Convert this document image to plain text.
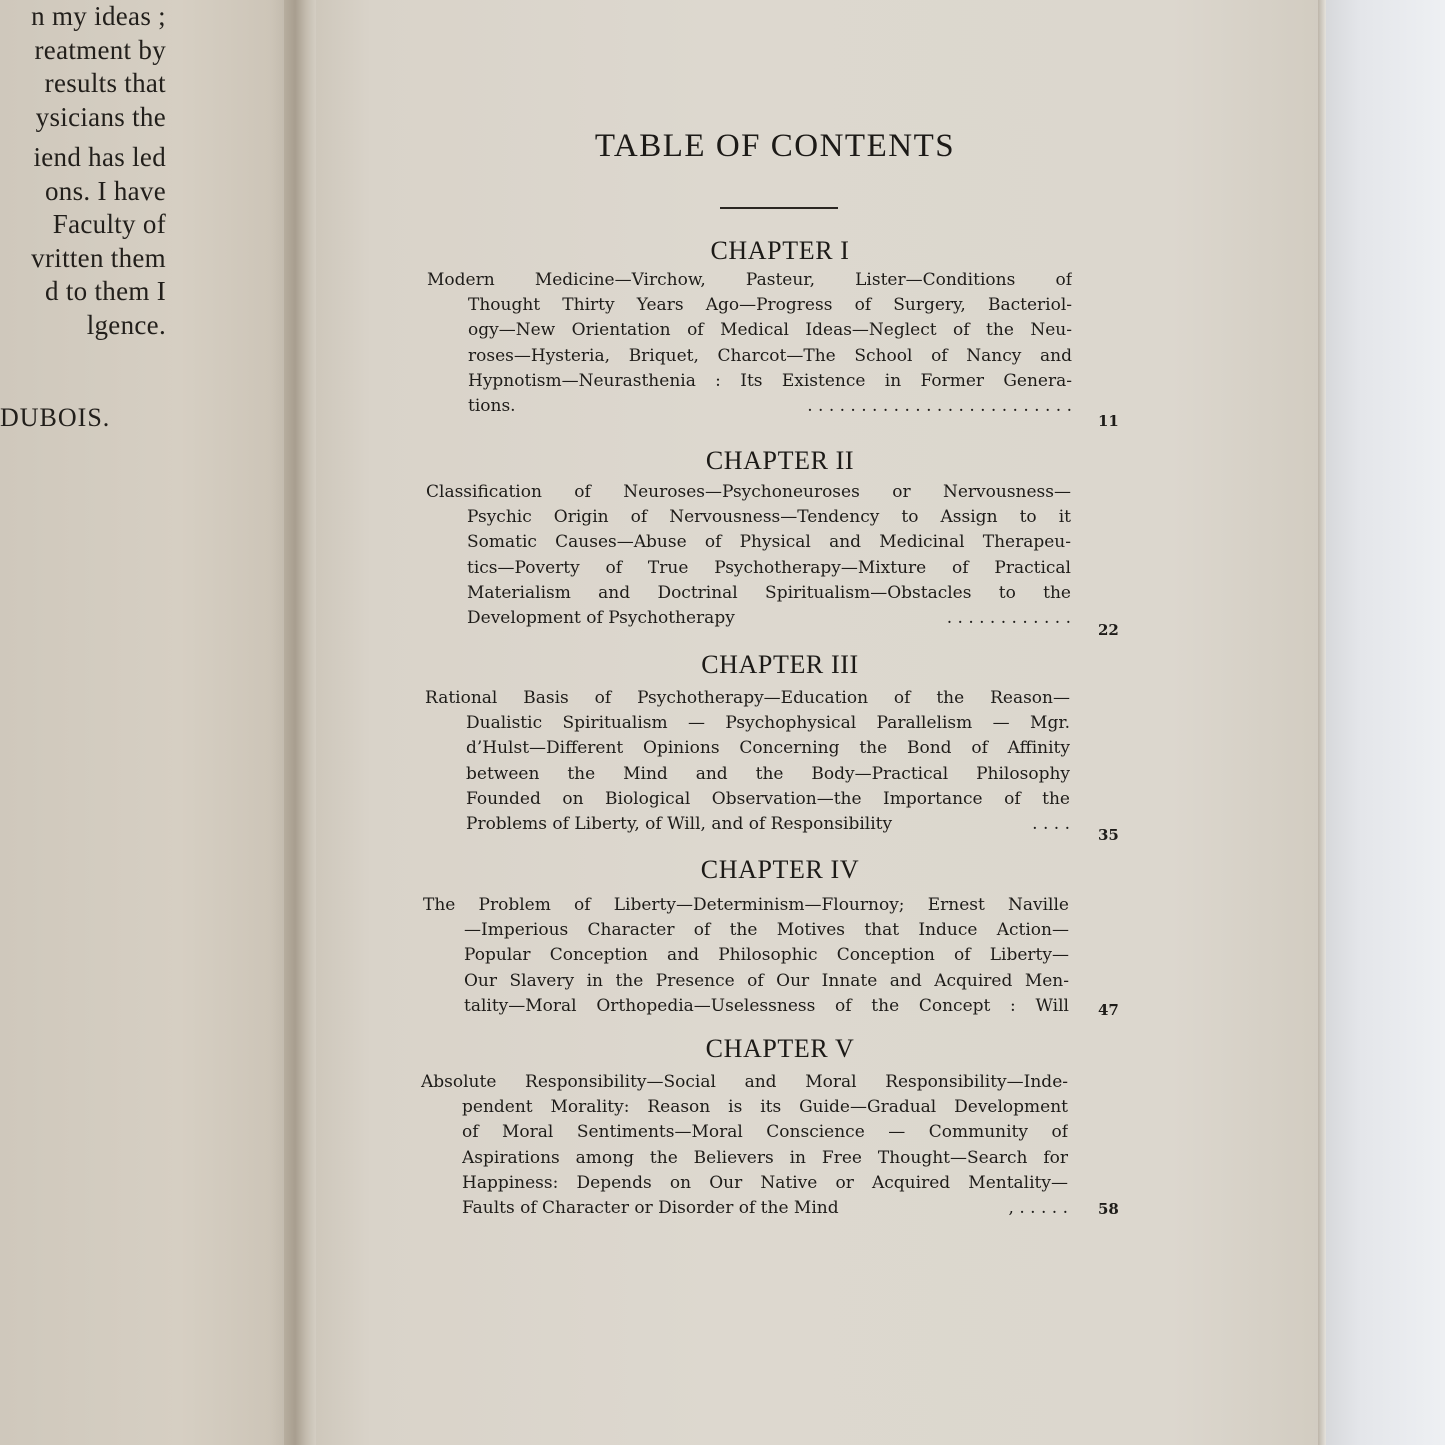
n my ideas ;
reatment by
results that
ysicians the
iend has led
ons. I have
Faculty of
vritten them
d to them I
lgence.
DUBOIS.
TABLE OF CONTENTS
CHAPTER I
Modern Medicine—Virchow, Pasteur, Lister—Conditions of
Thought Thirty Years Ago—Progress of Surgery, Bacteriol-
ogy—New Orientation of Medical Ideas—Neglect of the Neu-
roses—Hysteria, Briquet, Charcot—The School of Nancy and
Hypnotism—Neurasthenia : Its Existence in Former Genera-
tions.	. . . . . . . . . . . . . . . . . . . . . . . . .
11
CHAPTER II
Classification of Neuroses—Psychoneuroses or Nervousness—
Psychic Origin of Nervousness—Tendency to Assign to it
Somatic Causes—Abuse of Physical and Medicinal Therapeu-
tics—Poverty of True Psychotherapy—Mixture of Practical
Materialism and Doctrinal Spiritualism—Obstacles to the
Development of Psychotherapy	. . . . . . . . . . . .
22
CHAPTER III
Rational Basis of Psychotherapy—Education of the Reason—
Dualistic Spiritualism — Psychophysical Parallelism — Mgr.
d’Hulst—Different Opinions Concerning the Bond of Affinity
between the Mind and the Body—Practical Philosophy
Founded on Biological Observation—the Importance of the
Problems of Liberty, of Will, and of Responsibility	. . . .
35
CHAPTER IV
The Problem of Liberty—Determinism—Flournoy; Ernest Naville
—Imperious Character of the Motives that Induce Action—
Popular Conception and Philosophic Conception of Liberty—
Our Slavery in the Presence of Our Innate and Acquired Men-
tality—Moral Orthopedia—Uselessness of the Concept : Will 47
CHAPTER V
Absolute Responsibility—Social and Moral Responsibility—Inde-
pendent Morality: Reason is its Guide—Gradual Development
of Moral Sentiments—Moral Conscience — Community of
Aspirations among the Believers in Free Thought—Search for
Happiness: Depends on Our Native or Acquired Mentality—
Faults of Character or Disorder of the Mind	, . . . . . 58
